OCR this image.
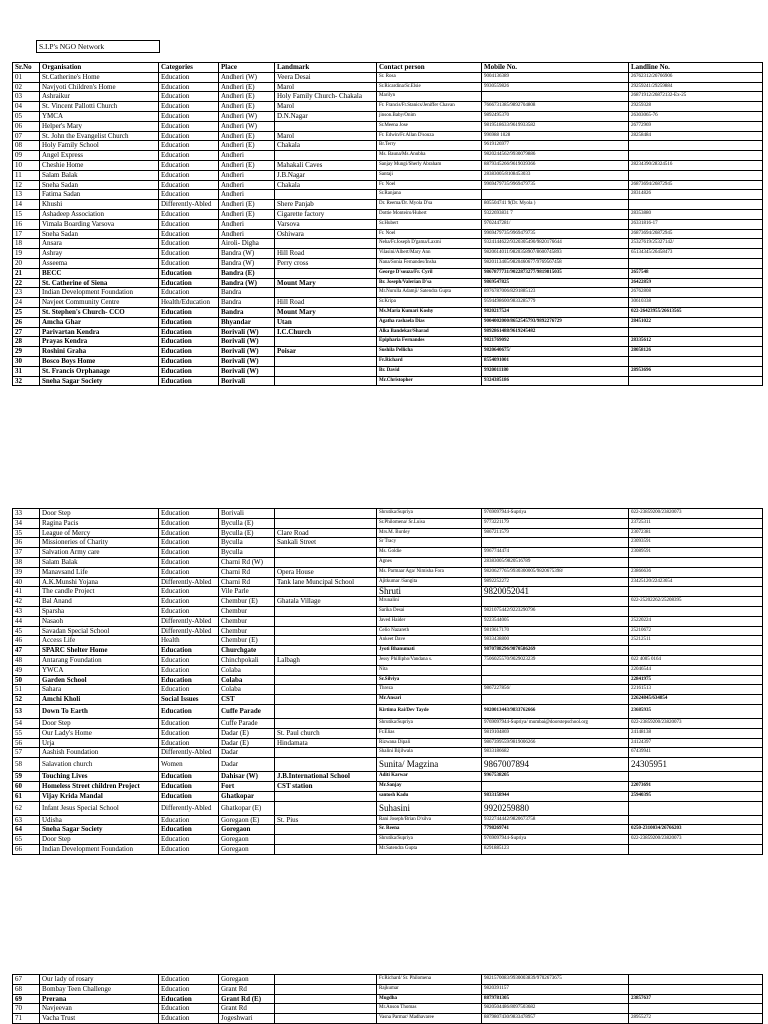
S.I.P's NGO Network
Sr.No	Organisation	Categories	Place	Landmark	Contact person	Mobile No.	Landline No.
01	St.Catherine's Home	Education	Andheri (W)	Veera Desai	Sr. Rosa	9004136389	26762312/26766906
02	Navjyoti Children's Home	Education	Andheri (E)	Marol	Sr.Ricardina/Sr.Elsie	9930559826	29259241/29259884
03	Ashraikur	Education	Andheri (E)	Holy Family Church- Chakala	Marilyn		26871912/26872132-Ex-25
04	St. Vincent Pallotti Church	Education	Andheri (E)	Marol	Fr. Francis/Fr.Stanics/Jeniffer Chavan	7666731385/9892704808	29259328
05	YMCA	Education	Andheri (W)	D.N.Nagar	jinson.Baby/Onim	9892495370	26303065-76
06	Helper's Mary	Education	Andheri (W)		Sr.Meena Jose	9819518633/9619933582	26772969
07	St. John the Evangelist Church	Education	Andheri (E)	Marol	Fr. Edwin/Fr.Allan D'souza	996988 1028	28258484
08	Holy Family School	Education	Andheri (E)	Chakala	Br.Terry	9619126977	
09	Angel Express	Education	Andheri		Ms. Bauna/Ms.Anubha	9820244562/9930079886	
10	Cheshie Home	Education	Andheri (E)	Mahakali Caves	Sanjay Mungi/Sherly Abraham	8879345266/9619039366	28234390/28324516
11	Salam Balak	Education	Andheri	J.B.Nagar	Santaji	28383005/8108453033	
12	Sneha Sadan	Education	Andheri	Chakala	Fr. Noel	9969479735/9969479735	26873694/26872945
13	Fatima Sadan	Education	Andheri		Sr.Ranjana		28314826
14	Khushi	Differently-Abled	Andheri (E)	Shere Panjab	Dr. Reema/Dr. Myola D'sa	805504741 9(Dr. Myola )	
15	Ashadeep Association	Education	Andheri (E)	Cigarette factory	Dottie Monteiro/Hubert	9322693831 7	28353880
16	Vimala Boarding Varsova	Education	Andheri	Varsova	Sr.Hubert	9702447281/	26331816-17
17	Sneha Sadan	Education	Andheri	Oshiwara	Fr. Noel	9969479735/9969479735	26873694/26872945
18	Ansara	Education	Airoli- Digha		Neha/Fr.Joseph D'gama/Laxmi	9324144622/9320305490/9820176644	25327619/25327142/
19	Ashray	Education	Bandra (W)	Hill Road	Vilasini/Albert/Mary Ann	9820614011/9820358907/8600745893	65134345/26458473
20	Asseema	Education	Bandra (W)	Perry cross	Nana/Sonia Fernandes/Insha	9820113465/9820460677/9769567458	
21	BECC	Education	Bandra (E)		George D'souza/Fr. Cyril	9867877731/9022873277/9819815035	2657548
22	St. Catherine of Siena	Education	Bandra (W)	Mount Mary	Br. Joseph/Valerian D'sa	9869547825	26422859
23	Indian Development Foundation	Education	Bandra		Mr.Nurulla Adamji/ Satendra Gupta	8976787006/8291885123	26762808
24	Navjeet Community Centre	Health/Education	Bandra	Hill Road	Sr.Kripa	9594498600/9833285779	30610338
25	St. Stephen's Church- CCO	Education	Bandra	Mount Mary	Ms.Maria Kumari Koshy	9820217524	022-26423955/26613565
26	Amcha Ghar	Education	Bhyandar	Utan	Agatha rashaela Dias	9004002000/8652545793/9892276729	28451022
27	Parivartan Kendra	Education	Borivali (W)	I.C.Church	Alka Bandekar/Sharad	9892861488/9619245482	
28	Prayas Kendra	Education	Borivali (W)		Epipharia Fernandes	9821769092	28335612
29	Roshini Graha	Education	Borivali (W)	Poisar	Sushila Pellicha	9820640675/	28058126
30	Bosco Boys Home	Education	Borivali (W)		Fr.Richard	8554091001	
31	St. Francis Orphanage	Education	Borivali (W)		Br. David	9920011180	28953696
32	Sneha Sagar Society	Education	Borivali		Mr.Christopher	9324385186	
33	Door Step	Education	Borivali		Shrutika/Supriya	9769097944-Supriya	022-23859200/23820073
34	Ragina Pacis	Education	Byculla (E)		Sr.Philomena/ Sr.Luisa	9773221179	23725311
35	League of Mercy	Education	Byculla (E)	Clare Road	Mrs.M. Burdey	9867211579	23072381
36	Missioneries of Charity	Education	Byculla	Sankali Street	Sr Tracy		23093591
37	Salvation Army care	Education	Byculla		Ms. Goldie	9967744474	23089591
38	Salam Balak	Education	Charni Rd (W)		Agnes	28383005/9820516789	
39	Manavsand Life	Education	Charni Rd	Opera House	Ms. Parmaar Aga/ Nimisha Fora	9820627765/9930300005/9820675398/	23866636
40	A.K.Munshi Yojana	Differently-Abled	Charni Rd	Tank lane Muncipal School	Ajitkumar /Sangita	9892252272	23425120/22423654
41	The candle Project	Education	Vile Parle		Shruti	9820052041	
42	Bal Anand	Education	Chembur (E)	Ghatala Village	Mrunalini		022-25202262/25208395
43	Sparsha	Education	Chembur		Sarika Desai	9821075442/9223290796	
44	Nasaoh	Differently-Abled	Chembur		Javed Haider	9223544005	25220224
45	Savadan Special School	Differently-Abled	Chembur		Celio Nazareth	9819617170	25210672
46	Access Life	Health	Chembur (E)		Ankeet Dave	9833438800	25212511
47	SPARC Shelter Home	Education	Churchgate		Jyoti Bhanumati	9870788296/9870586269	
48	Antarang Foundation	Education	Chinchpokali	Lalbagh	Jessy Phillipho/Vandana s.	7506025570/9029023239	022 4005 0164
49	YWCA	Education	Colaba		Nita		22046544
50	Garden School	Education	Colaba		Sr.Silviya		22841975
51	Sahara	Education	Colaba		Threza	9867227856/	22161513
52	Amchi Kholi	Social Issues	CST		Mr.Ansari		22624845/634854
53	Down To Earth	Education	Cuffe Parade		Kirtima Rai/Dev Tayde	9820013443/9833762666	23685935
54	Door Step	Education	Cuffe Parade		Shrutika/Supriya	9769097944-Supriya/ mumbai@doorstepschool.org	022-23859200/23820073
55	Our Lady's Home	Education	Dadar (E)	St. Paul church	Fr.Elias	9819104869	24148138
56	Urja	Education	Dadar (E)	Hindamata	Rizwana Dipali	9867399559/9819006266	24124397
57	Aashish Foundation	Differently-Abled	Dadar		Shalini Bijilwala	9833186682	67439941
58	Salavation church	Women	Dadar		Sunita/ Magzina	9867007894	24305951
59	Touching Lives	Education	Dahisar (W)	J.B.International School	Aditi Karwar	9967538205	
60	Homeless Street children Project	Education	Fort	CST station	Mr.Sanjay		22073691
61	Vijay Krida Mandal	Education	Ghatkopar		santosh Kadu	9833158944	25940395
62	Infant Jesus Special School	Differently-Abled	Ghatkopar (E)		Suhasini	9920259880	
63	Udisha	Education	Goregaon (E)	St. Pius	Rani Joseph/Brian D'silva	9322744442/9820673758	
64	Sneha Sagar Society	Education	Goregaon		Sr. Reena	7798269741	0250-2310034/26766203
65	Door Step	Education	Goregaon		Shrutika/Supriya	9769097944-Supriya	022-23859200/23820073
66	Indian Development Foundation	Education	Goregaon		Mr.Satendra Gupta	8291885123	
67	Our lady of rosary	Education	Goregaon		Fr.Richard/ Sr. Philomena	9821570083/9930003839/9702673675	
68	Bombay Teen Challenge	Education	Grant Rd		Rajkumar	9820391157	
69	Prerana	Education	Grant Rd (E)		Mugdha	8879781305	23857637
70	Navjeevan	Education	Grant Rd		Mr.Anson Thomas	9820504486/8097503682	
71	Vacha Trust	Education	Jogeshwari		Vasna Parmar/ Madhavaree	8879807430/9833478957	28955272
